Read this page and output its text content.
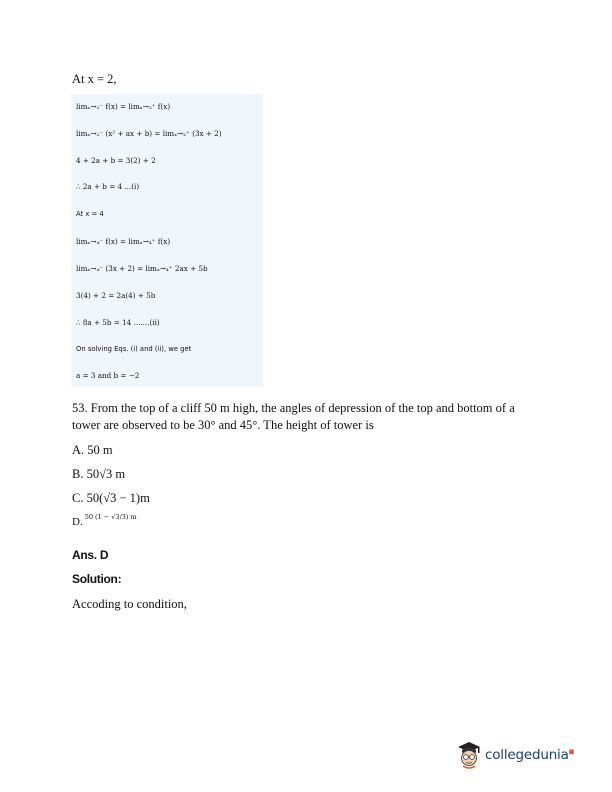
At x = 2,
limₓ→₂⁻ f(x) = limₓ→₂⁺ f(x)
limₓ→₂⁻ (x² + ax + b) = limₓ→₂⁺ (3x + 2)
4 + 2a + b = 3(2) + 2
∴ 2a + b = 4 ...(i)
At x = 4
limₓ→₄⁻ f(x) = limₓ→₄⁺ f(x)
limₓ→₄⁻ (3x + 2) = limₓ→₄⁺ 2ax + 5b
3(4) + 2 = 2a(4) + 5b
∴ 8a + 5b = 14 .......(ii)
On solving Eqs. (i) and (ii), we get
a = 3 and b = −2
53. From the top of a cliff 50 m high, the angles of depression of the top and bottom of a tower are observed to be 30° and 45°. The height of tower is
A. 50 m
B. 50√3 m
C. 50(√3 − 1)m
D. $^{50 (1 - √3/3) m}$
Ans. D
Solution:
Accoding to condition,
collegedunia■
